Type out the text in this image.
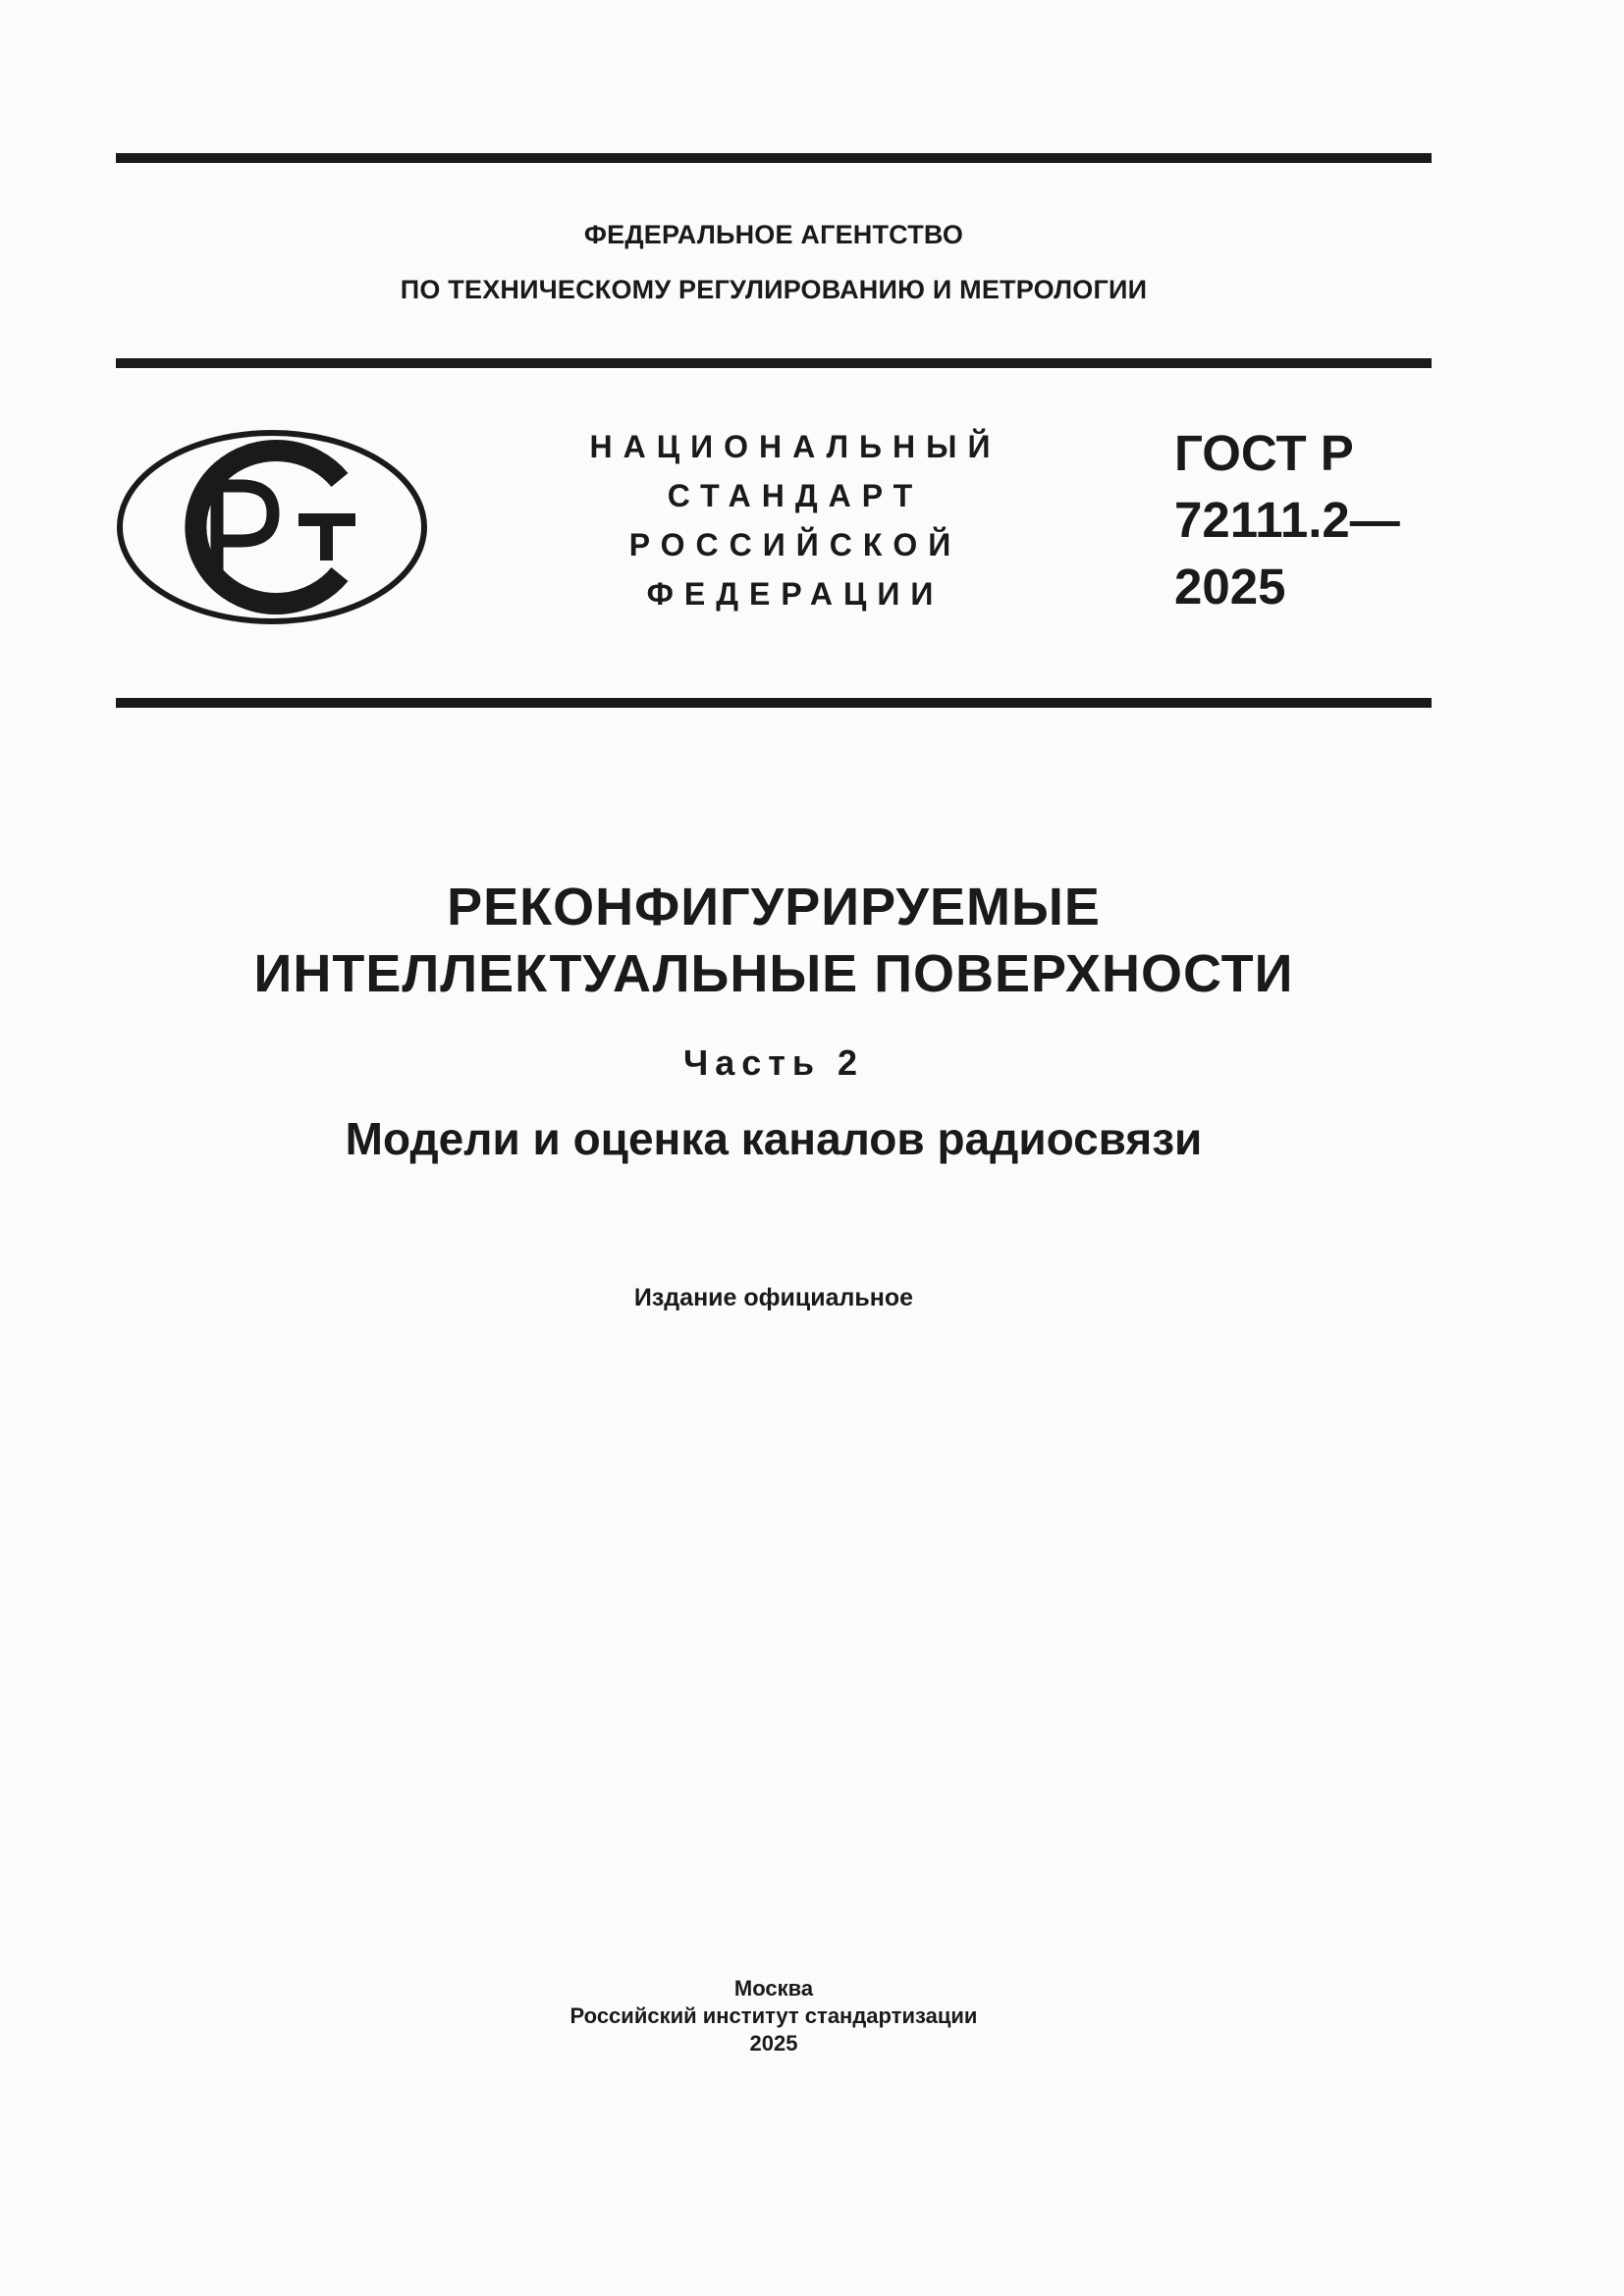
ФЕДЕРАЛЬНОЕ АГЕНТСТВО
ПО ТЕХНИЧЕСКОМУ РЕГУЛИРОВАНИЮ И МЕТРОЛОГИИ
НАЦИОНАЛЬНЫЙ
СТАНДАРТ
РОССИЙСКОЙ
ФЕДЕРАЦИИ
ГОСТ Р
72111.2—
2025
РЕКОНФИГУРИРУЕМЫЕ
ИНТЕЛЛЕКТУАЛЬНЫЕ ПОВЕРХНОСТИ
Часть 2
Модели и оценка каналов радиосвязи
Издание официальное
Москва
Российский институт стандартизации
2025
